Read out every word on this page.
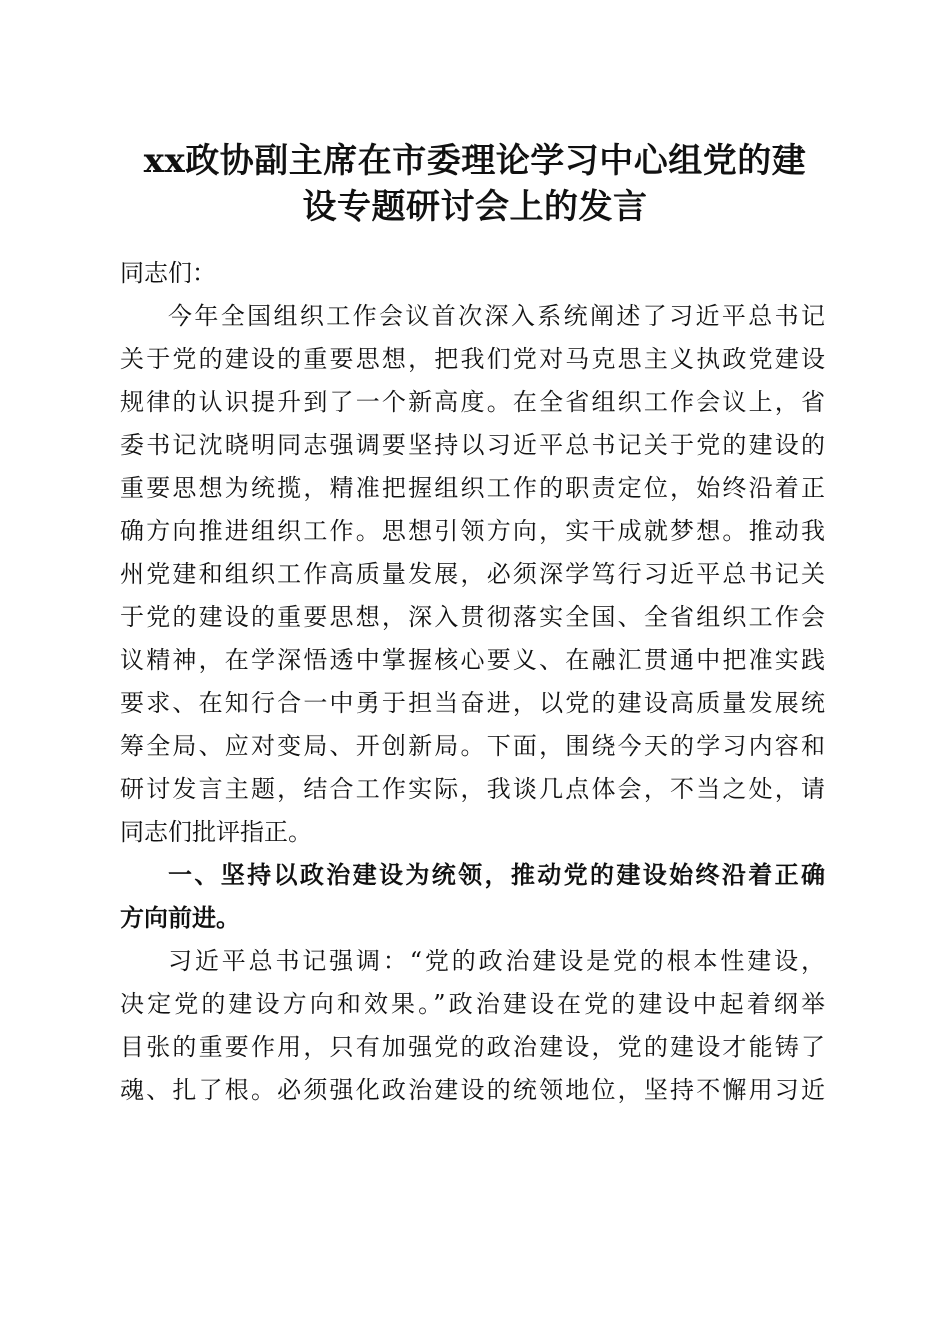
xx政协副主席在市委理论学习中心组党的建
设专题研讨会上的发言
同志们：
今年全国组织工作会议首次深入系统阐述了习近平总书记
关于党的建设的重要思想，把我们党对马克思主义执政党建设
规律的认识提升到了一个新高度。在全省组织工作会议上，省
委书记沈晓明同志强调要坚持以习近平总书记关于党的建设的
重要思想为统揽，精准把握组织工作的职责定位，始终沿着正
确方向推进组织工作。思想引领方向，实干成就梦想。推动我
州党建和组织工作高质量发展，必须深学笃行习近平总书记关
于党的建设的重要思想，深入贯彻落实全国、全省组织工作会
议精神，在学深悟透中掌握核心要义、在融汇贯通中把准实践
要求、在知行合一中勇于担当奋进，以党的建设高质量发展统
筹全局、应对变局、开创新局。下面，围绕今天的学习内容和
研讨发言主题，结合工作实际，我谈几点体会，不当之处，请
同志们批评指正。
一、坚持以政治建设为统领，推动党的建设始终沿着正确
方向前进。
习近平总书记强调：“党的政治建设是党的根本性建设，
决定党的建设方向和效果。”政治建设在党的建设中起着纲举
目张的重要作用，只有加强党的政治建设，党的建设才能铸了
魂、扎了根。必须强化政治建设的统领地位，坚持不懈用习近
